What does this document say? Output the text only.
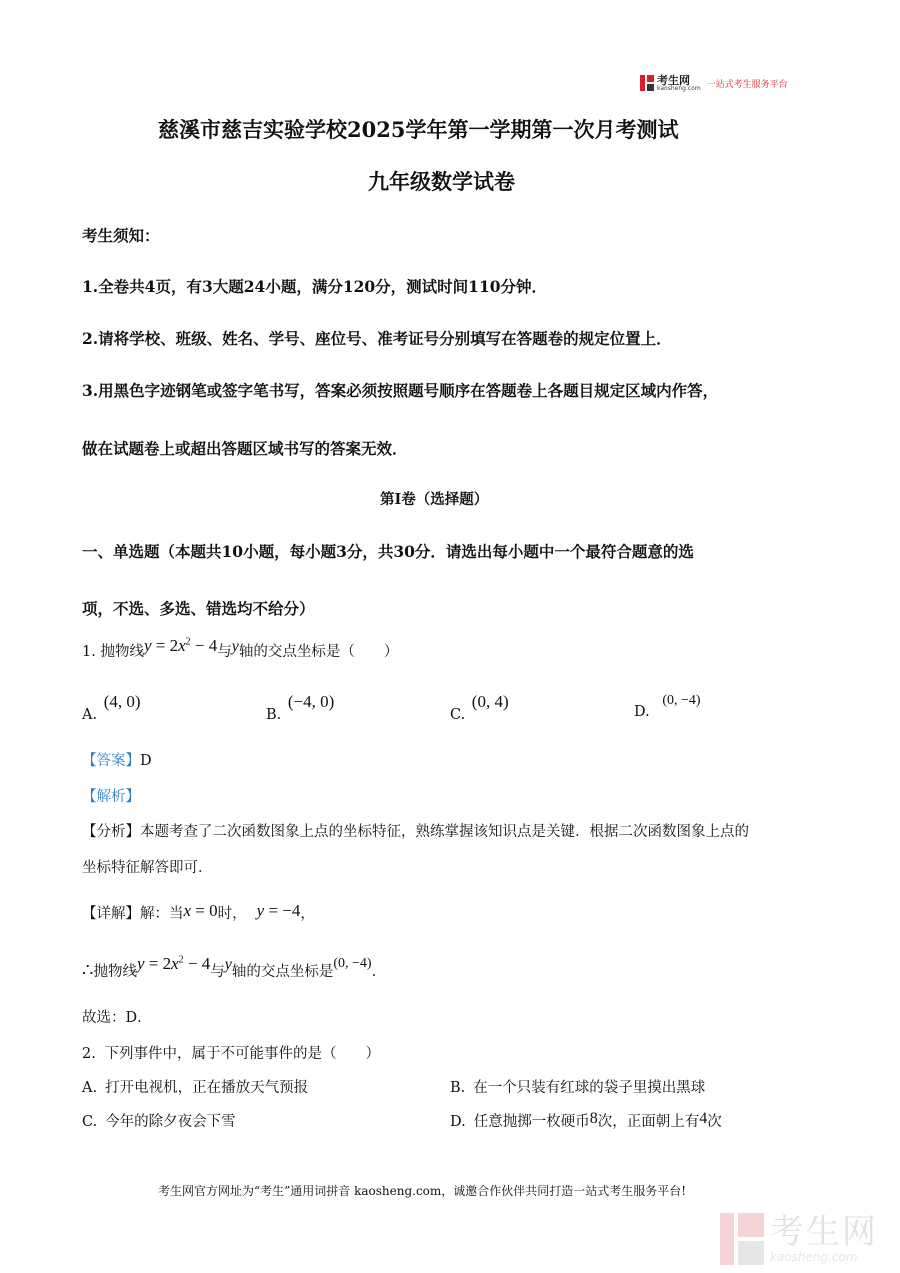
考生网
kaosheng.com 一站式考生服务平台
慈溪市慈吉实验学校2025学年第一学期第一次月考测试
九年级数学试卷
考生须知：
1.全卷共4页，有3大题24小题，满分120分，测试时间110分钟．
2.请将学校、班级、姓名、学号、座位号、准考证号分别填写在答题卷的规定位置上．
3.用黑色字迹钢笔或签字笔书写，答案必须按照题号顺序在答题卷上各题目规定区域内作答，
做在试题卷上或超出答题区域书写的答案无效．
第Ⅰ卷（选择题）
一、单选题（本题共10小题，每小题3分，共30分．请选出每小题中一个最符合题意的选
项，不选、多选、错选均不给分）
1. 抛物线$y = 2x^2 - 4$与y轴的交点坐标是（　　）
A. (4, 0)
B. (−4, 0)
C. (0, 4)
D. (0, −4)
【答案】D
【解析】
【分析】本题考查了二次函数图象上点的坐标特征，熟练掌握该知识点是关键．根据二次函数图象上点的
坐标特征解答即可．
【详解】解：当x = 0时， y = −4，
∴抛物线$y = 2x^2 - 4$与y轴的交点坐标是(0, −4)．
故选：D．
2. 下列事件中，属于不可能事件的是（　　）
A. 打开电视机，正在播放天气预报	B. 在一个只装有红球的袋子里摸出黑球
C. 今年的除夕夜会下雪	D. 任意抛掷一枚硬币8次，正面朝上有4次
考生网官方网址为“考生”通用词拼音 kaosheng.com，诚邀合作伙伴共同打造一站式考生服务平台!
考生网
kaosheng.com
